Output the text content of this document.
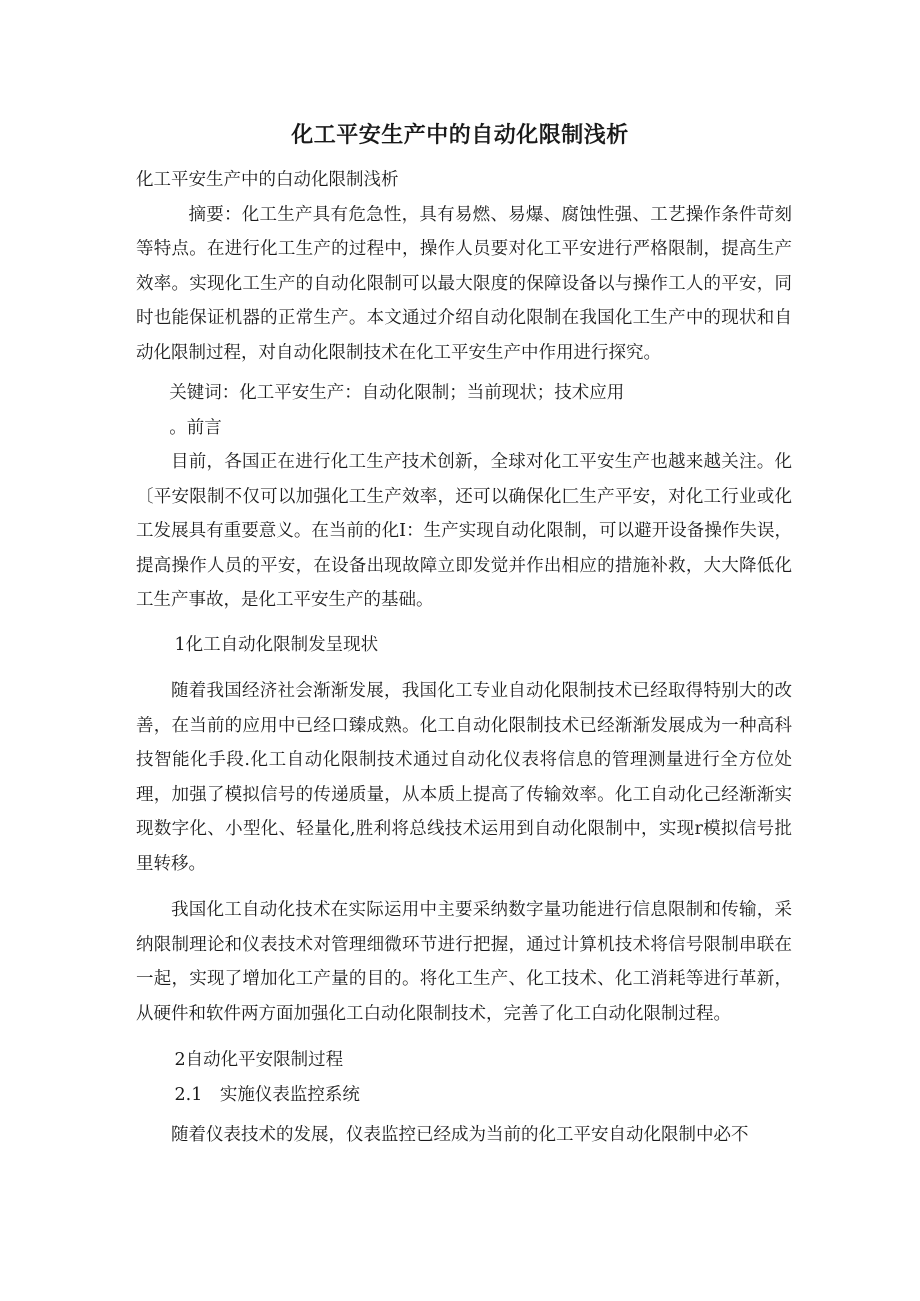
化工平安生产中的自动化限制浅析

化工平安生产中的白动化限制浅析

摘要：化工生产具有危急性，具有易燃、易爆、腐蚀性强、工艺操作条件苛刻等特点。在进行化工生产的过程中，操作人员要对化工平安进行严格限制，提高生产效率。实现化工生产的自动化限制可以最大限度的保障设备以与操作工人的平安，同时也能保证机器的正常生产。本文通过介绍自动化限制在我国化工生产中的现状和自动化限制过程，对自动化限制技术在化工平安生产中作用进行探究。

关键词：化工平安生产：自动化限制；当前现状；技术应用

。前言

目前，各国正在进行化工生产技术创新，全球对化工平安生产也越来越关注。化〔平安限制不仅可以加强化工生产效率，还可以确保化匚生产平安，对化工行业或化工发展具有重要意义。在当前的化I：生产实现自动化限制，可以避开设备操作失误，提高操作人员的平安，在设备出现故障立即发觉并作出相应的措施补救，大大降低化工生产事故，是化工平安生产的基础。

1化工自动化限制发呈现状

随着我国经济社会渐渐发展，我国化工专业自动化限制技术已经取得特别大的改善，在当前的应用中已经口臻成熟。化工自动化限制技术已经渐渐发展成为一种高科技智能化手段.化工自动化限制技术通过自动化仪表将信息的管理测量进行全方位处理，加强了模拟信号的传递质量，从本质上提高了传输效率。化工自动化己经渐渐实现数字化、小型化、轻量化,胜利将总线技术运用到自动化限制中，实现r模拟信号批里转移。

我国化工自动化技术在实际运用中主要采纳数字量功能进行信息限制和传输，采纳限制理论和仪表技术对管理细微环节进行把握，通过计算机技术将信号限制串联在一起，实现了增加化工产量的目的。将化工生产、化工技术、化工消耗等进行革新，从硬件和软件两方面加强化工白动化限制技术，完善了化工白动化限制过程。

2自动化平安限制过程

2.1　实施仪表监控系统

随着仪表技术的发展，仪表监控已经成为当前的化工平安自动化限制中必不
